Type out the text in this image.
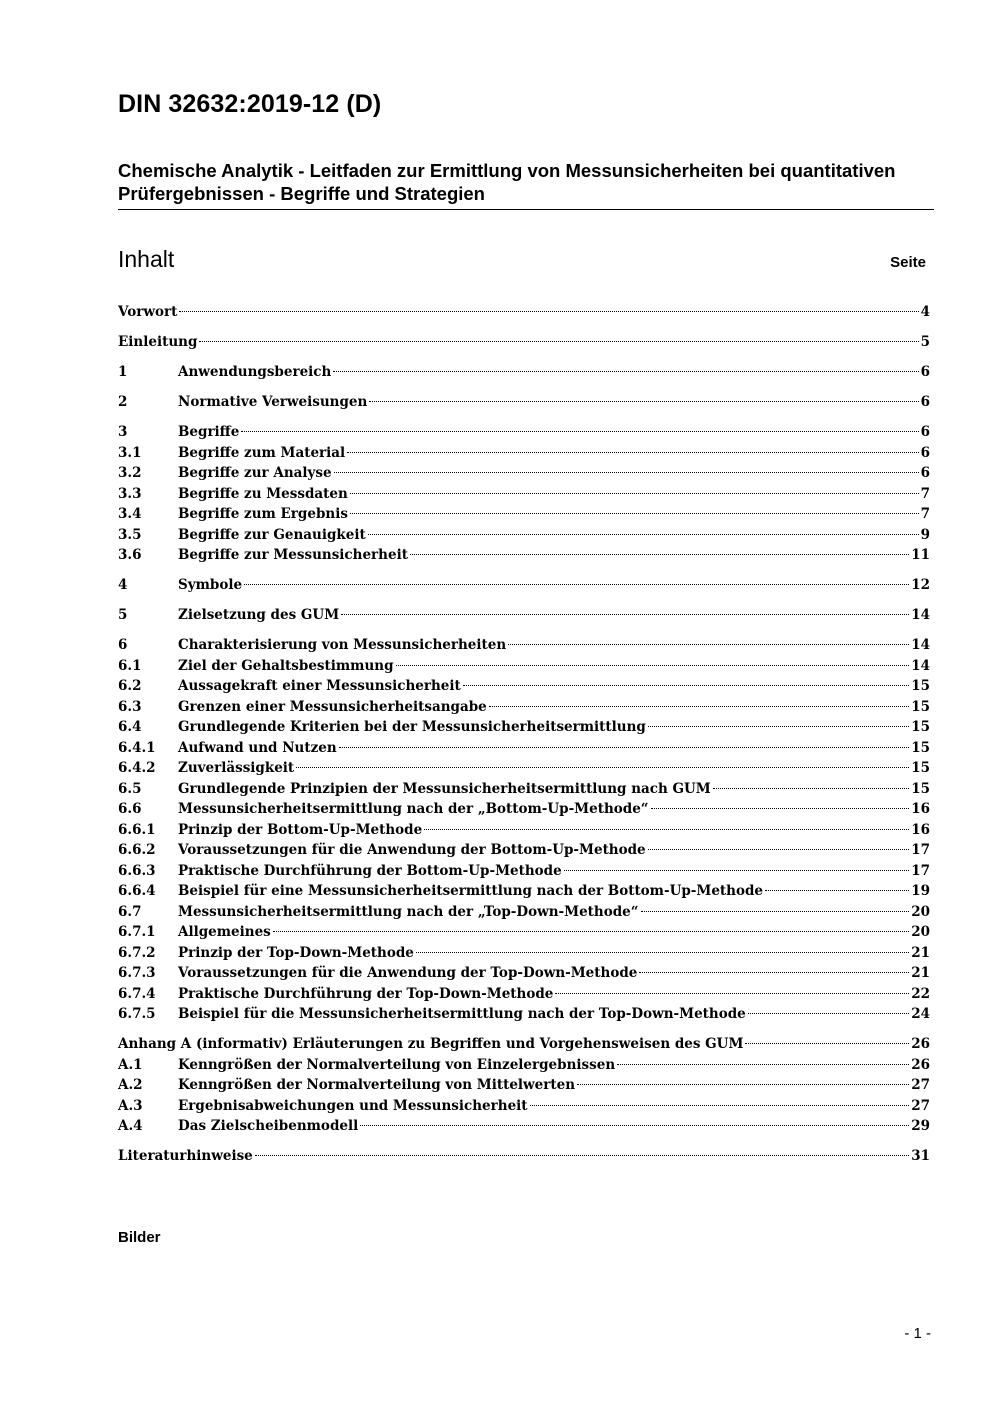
DIN 32632:2019-12 (D)
Chemische Analytik - Leitfaden zur Ermittlung von Messunsicherheiten bei quantitativen Prüfergebnissen - Begriffe und Strategien
Inhalt	Seite
Vorwort	4
Einleitung	5
1	Anwendungsbereich	6
2	Normative Verweisungen	6
3	Begriffe	6
3.1	Begriffe zum Material	6
3.2	Begriffe zur Analyse	6
3.3	Begriffe zu Messdaten	7
3.4	Begriffe zum Ergebnis	7
3.5	Begriffe zur Genauigkeit	9
3.6	Begriffe zur Messunsicherheit	11
4	Symbole	12
5	Zielsetzung des GUM	14
6	Charakterisierung von Messunsicherheiten	14
6.1	Ziel der Gehaltsbestimmung	14
6.2	Aussagekraft einer Messunsicherheit	15
6.3	Grenzen einer Messunsicherheitsangabe	15
6.4	Grundlegende Kriterien bei der Messunsicherheitsermittlung	15
6.4.1	Aufwand und Nutzen	15
6.4.2	Zuverlässigkeit	15
6.5	Grundlegende Prinzipien der Messunsicherheitsermittlung nach GUM	15
6.6	Messunsicherheitsermittlung nach der „Bottom-Up-Methode“	16
6.6.1	Prinzip der Bottom-Up-Methode	16
6.6.2	Voraussetzungen für die Anwendung der Bottom-Up-Methode	17
6.6.3	Praktische Durchführung der Bottom-Up-Methode	17
6.6.4	Beispiel für eine Messunsicherheitsermittlung nach der Bottom-Up-Methode	19
6.7	Messunsicherheitsermittlung nach der „Top-Down-Methode“	20
6.7.1	Allgemeines	20
6.7.2	Prinzip der Top-Down-Methode	21
6.7.3	Voraussetzungen für die Anwendung der Top-Down-Methode	21
6.7.4	Praktische Durchführung der Top-Down-Methode	22
6.7.5	Beispiel für die Messunsicherheitsermittlung nach der Top-Down-Methode	24
Anhang A (informativ) Erläuterungen zu Begriffen und Vorgehensweisen des GUM	26
A.1	Kenngrößen der Normalverteilung von Einzelergebnissen	26
A.2	Kenngrößen der Normalverteilung von Mittelwerten	27
A.3	Ergebnisabweichungen und Messunsicherheit	27
A.4	Das Zielscheibenmodell	29
Literaturhinweise	31
Bilder
- 1 -
